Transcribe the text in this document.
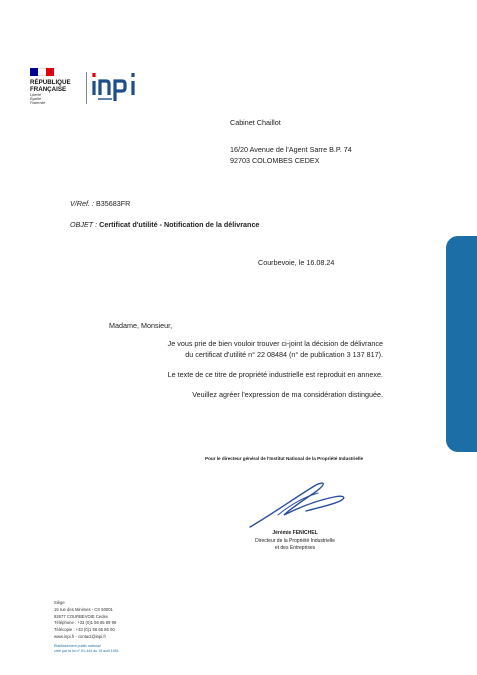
RÉPUBLIQUE
FRANÇAISE
Liberté
Égalité
Fraternité
Cabinet Chaillot
16/20 Avenue de l'Agent Sarre B.P. 74
92703 COLOMBES CEDEX
V/Ref. : B35683FR
OBJET : Certificat d'utilité - Notification de la délivrance
Courbevoie, le 16.08.24
Madame, Monsieur,
Je vous prie de bien vouloir trouver ci-joint la décision de délivrance
du certificat d'utilité n° 22 08484 (n° de publication 3 137 817).
Le texte de ce titre de propriété industrielle est reproduit en annexe.
Veuillez agréer l'expression de ma considération distinguée.
Pour le directeur général de l'Institut National de la Propriété Industrielle
Jérémie FENICHEL
Directeur de la Propriété Industrielle
et des Entreprises
Siège
15 rue des Minimes - CS 50001
92677 COURBEVOIE Cedex
Téléphone : +33 (0)1 56 65 89 98
Télécopie : +33 (0)1 56 65 86 00
www.inpi.fr - contact@inpi.fr
Établissement public national
créé par la loi n° 51-444 du 19 avril 1951
